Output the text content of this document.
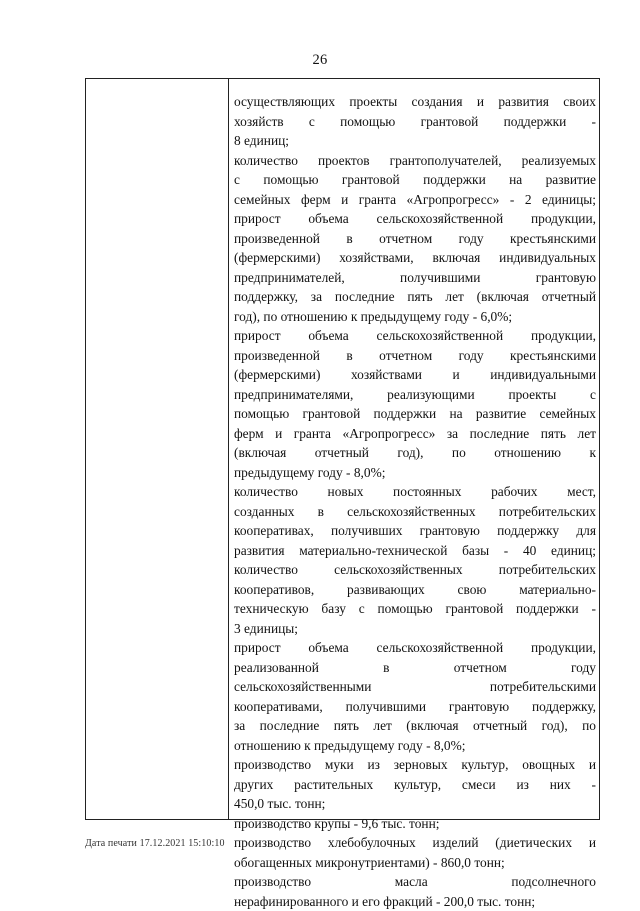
26
осуществляющих проекты создания и развития своих
хозяйств с помощью грантовой поддержки -
8 единиц;
количество проектов грантополучателей, реализуемых
с помощью грантовой поддержки на развитие
семейных ферм и гранта «Агропрогресс» - 2 единицы;
прирост объема сельскохозяйственной продукции,
произведенной в отчетном году крестьянскими
(фермерскими) хозяйствами, включая индивидуальных
предпринимателей, получившими грантовую
поддержку, за последние пять лет (включая отчетный
год), по отношению к предыдущему году - 6,0%;
прирост объема сельскохозяйственной продукции,
произведенной в отчетном году крестьянскими
(фермерскими) хозяйствами и индивидуальными
предпринимателями, реализующими проекты с
помощью грантовой поддержки на развитие семейных
ферм и гранта «Агропрогресс» за последние пять лет
(включая отчетный год), по отношению к
предыдущему году - 8,0%;
количество новых постоянных рабочих мест,
созданных в сельскохозяйственных потребительских
кооперативах, получивших грантовую поддержку для
развития материально-технической базы - 40 единиц;
количество сельскохозяйственных потребительских
кооперативов, развивающих свою материально-
техническую базу с помощью грантовой поддержки -
3 единицы;
прирост объема сельскохозяйственной продукции,
реализованной в отчетном году
сельскохозяйственными потребительскими
кооперативами, получившими грантовую поддержку,
за последние пять лет (включая отчетный год), по
отношению к предыдущему году - 8,0%;
производство муки из зерновых культур, овощных и
других растительных культур, смеси из них -
450,0 тыс. тонн;
производство крупы - 9,6 тыс. тонн;
производство хлебобулочных изделий (диетических и
обогащенных микронутриентами) - 860,0 тонн;
производство масла подсолнечного
нерафинированного и его фракций - 200,0 тыс. тонн;
Дата печати 17.12.2021 15:10:10
